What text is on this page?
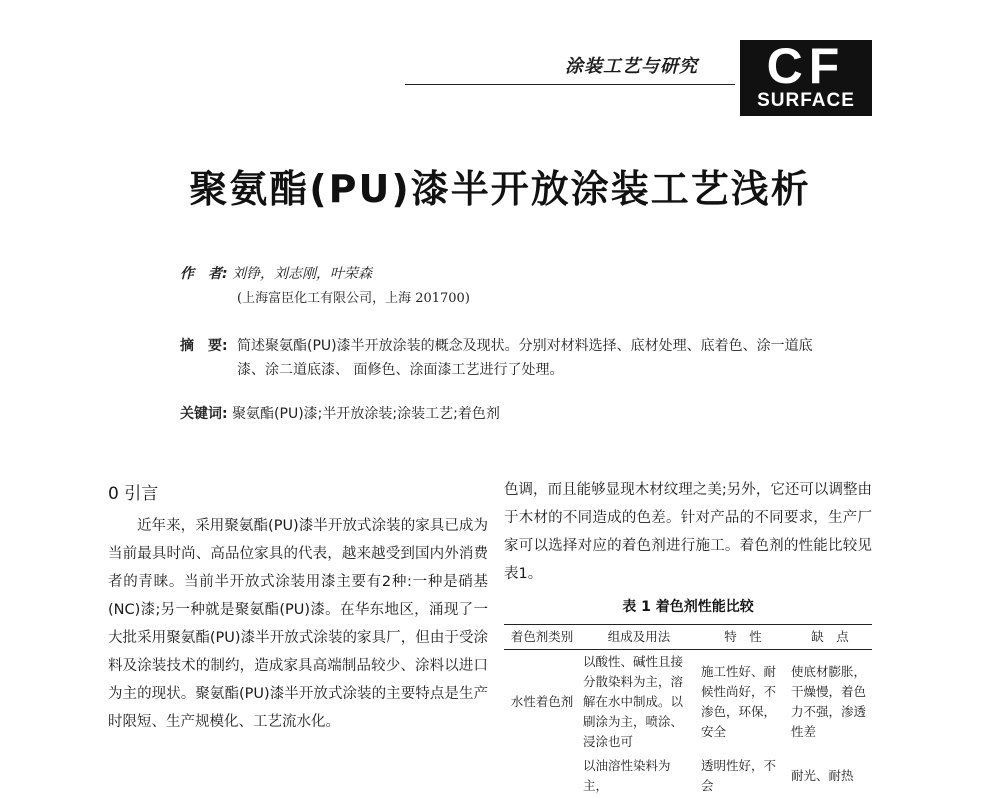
涂装工艺与研究	CF
SURFACE
聚氨酯(PU)漆半开放涂装工艺浅析
作　者: 刘铮，刘志刚，叶荣森
(上海富臣化工有限公司，上海 201700)
摘　要: 简述聚氨酯(PU)漆半开放涂装的概念及现状。分别对材料选择、底材处理、底着色、涂一道底漆、涂二道底漆、 面修色、涂面漆工艺进行了处理。
关键词: 聚氨酯(PU)漆;半开放涂装;涂装工艺;着色剂
0 引言
近年来，采用聚氨酯(PU)漆半开放式涂装的家具已成为当前最具时尚、高品位家具的代表，越来越受到国内外消费者的青睐。当前半开放式涂装用漆主要有2种:一种是硝基(NC)漆;另一种就是聚氨酯(PU)漆。在华东地区，涌现了一大批采用聚氨酯(PU)漆半开放式涂装的家具厂，但由于受涂料及涂装技术的制约，造成家具高端制品较少、涂料以进口为主的现状。聚氨酯(PU)漆半开放式涂装的主要特点是生产时限短、生产规模化、工艺流水化。
色调，而且能够显现木材纹理之美;另外，它还可以调整由于木材的不同造成的色差。针对产品的不同要求，生产厂家可以选择对应的着色剂进行施工。着色剂的性能比较见表1。
表 1 着色剂性能比较
着色剂类别	组成及用法	特　性	缺　点
水性着色剂	以酸性、碱性且接分散染料为主，溶解在水中制成。以刷涂为主，喷涂、浸涂也可	施工性好、耐候性尚好，不渗色，环保，安全	使底材膨胀，干燥慢，着色力不强，渗透性差
	以油溶性染料为主，	透明性好，不会	耐光、耐热
